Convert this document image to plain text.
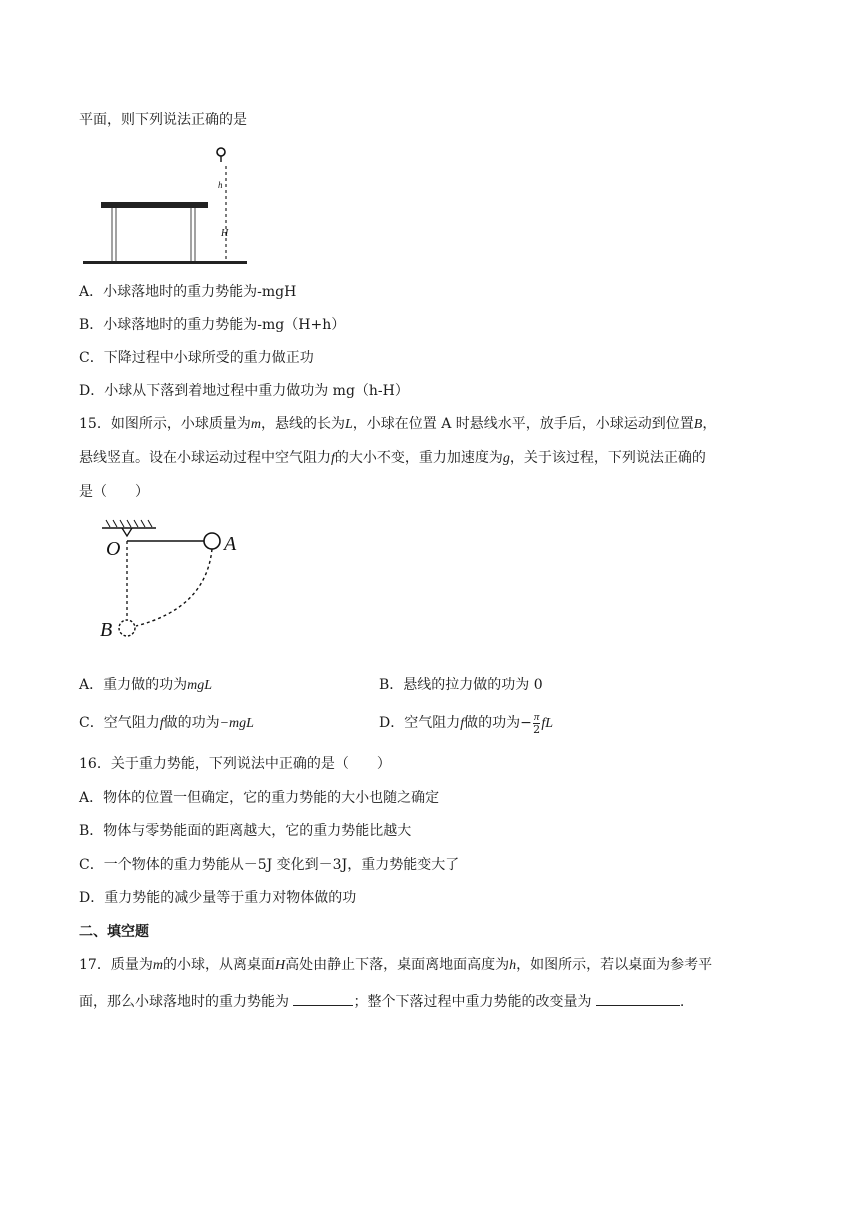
平面，则下列说法正确的是
h
H
A．小球落地时的重力势能为-mgH
B．小球落地时的重力势能为-mg（H+h）
C．下降过程中小球所受的重力做正功
D．小球从下落到着地过程中重力做功为 mg（h-H）
15．如图所示，小球质量为m，悬线的长为L，小球在位置 A 时悬线水平，放手后，小球运动到位置B，
悬线竖直。设在小球运动过程中空气阻力f的大小不变，重力加速度为g，关于该过程，下列说法正确的
是（　　）
O	A
B
A．重力做的功为mgL	B．悬线的拉力做的功为 0
C．空气阻力f做的功为−mgL	D．空气阻力f做的功为− $\frac{\pi}{2}$ fL
16．关于重力势能，下列说法中正确的是（　　）
A．物体的位置一但确定，它的重力势能的大小也随之确定
B．物体与零势能面的距离越大，它的重力势能比越大
C．一个物体的重力势能从－5J 变化到－3J，重力势能变大了
D．重力势能的减少量等于重力对物体做的功
二、填空题
17．质量为m的小球，从离桌面H高处由静止下落，桌面离地面高度为h，如图所示，若以桌面为参考平
面，那么小球落地时的重力势能为	；整个下落过程中重力势能的改变量为	.
